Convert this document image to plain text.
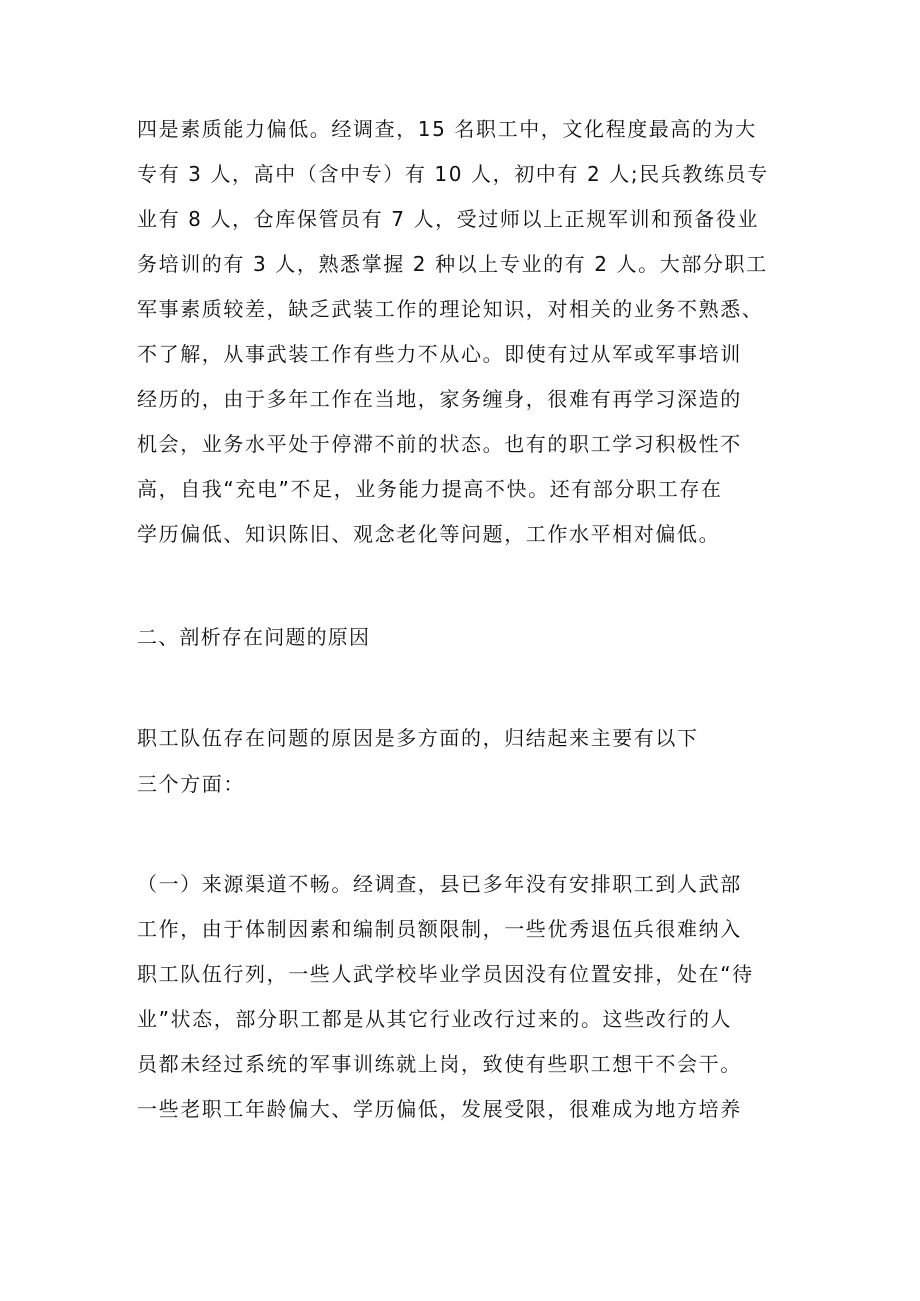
四是素质能力偏低。经调查，15 名职工中，文化程度最高的为大
专有 3 人，高中（含中专）有 10 人，初中有 2 人;民兵教练员专
业有 8 人，仓库保管员有 7 人，受过师以上正规军训和预备役业
务培训的有 3 人，熟悉掌握 2 种以上专业的有 2 人。大部分职工
军事素质较差，缺乏武装工作的理论知识，对相关的业务不熟悉、
不了解，从事武装工作有些力不从心。即使有过从军或军事培训
经历的，由于多年工作在当地，家务缠身，很难有再学习深造的
机会，业务水平处于停滞不前的状态。也有的职工学习积极性不
高，自我“充电”不足，业务能力提高不快。还有部分职工存在
学历偏低、知识陈旧、观念老化等问题，工作水平相对偏低。
二、剖析存在问题的原因
职工队伍存在问题的原因是多方面的，归结起来主要有以下
三个方面：
（一）来源渠道不畅。经调查，县已多年没有安排职工到人武部
工作，由于体制因素和编制员额限制，一些优秀退伍兵很难纳入
职工队伍行列，一些人武学校毕业学员因没有位置安排，处在“待
业”状态，部分职工都是从其它行业改行过来的。这些改行的人
员都未经过系统的军事训练就上岗，致使有些职工想干不会干。
一些老职工年龄偏大、学历偏低，发展受限，很难成为地方培养
